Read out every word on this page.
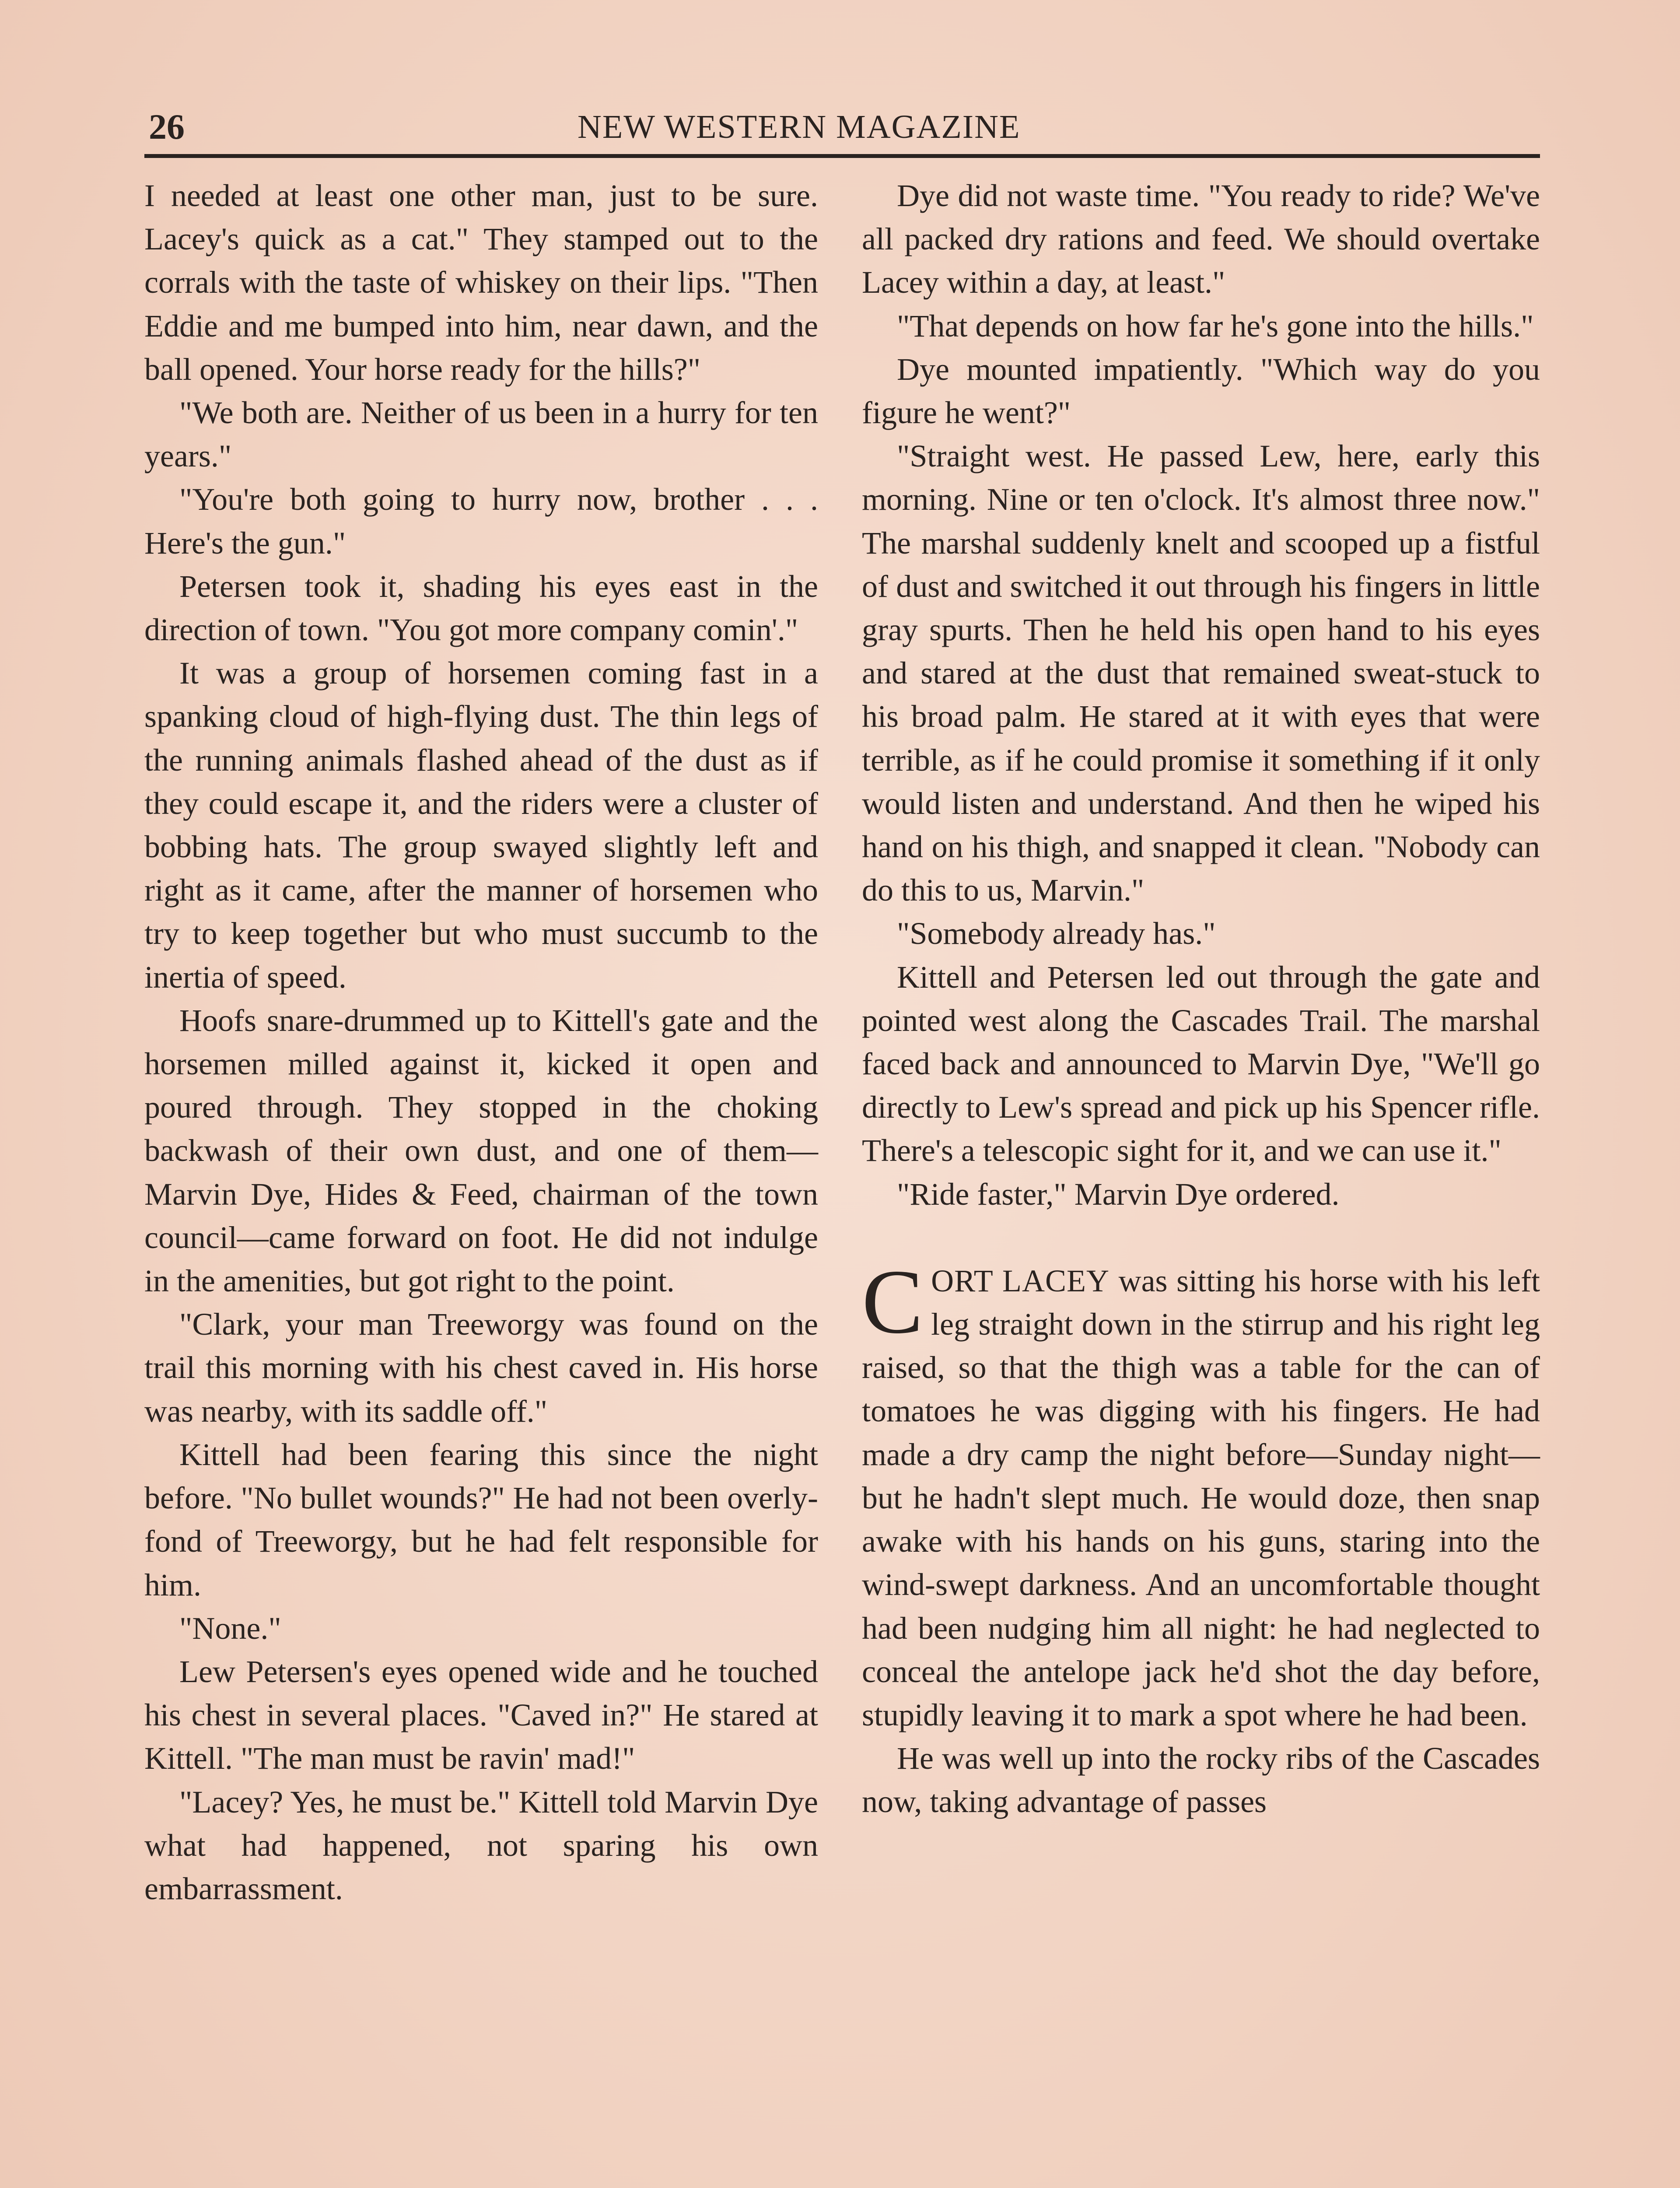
26	NEW WESTERN MAGAZINE

I needed at least one other man, just to be sure. Lacey's quick as a cat." They stamped out to the corrals with the taste of whiskey on their lips. "Then Eddie and me bumped into him, near dawn, and the ball opened. Your horse ready for the hills?"

"We both are. Neither of us been in a hurry for ten years."

"You're both going to hurry now, brother . . . Here's the gun."

Petersen took it, shading his eyes east in the direction of town. "You got more company comin'."

It was a group of horsemen coming fast in a spanking cloud of high-flying dust. The thin legs of the running animals flashed ahead of the dust as if they could escape it, and the riders were a cluster of bobbing hats. The group swayed slightly left and right as it came, after the manner of horsemen who try to keep together but who must succumb to the inertia of speed.

Hoofs snare-drummed up to Kittell's gate and the horsemen milled against it, kicked it open and poured through. They stopped in the choking backwash of their own dust, and one of them—Marvin Dye, Hides & Feed, chairman of the town council—came forward on foot. He did not indulge in the amenities, but got right to the point.

"Clark, your man Treeworgy was found on the trail this morning with his chest caved in. His horse was nearby, with its saddle off."

Kittell had been fearing this since the night before. "No bullet wounds?" He had not been overly-fond of Treeworgy, but he had felt responsible for him.

"None."

Lew Petersen's eyes opened wide and he touched his chest in several places. "Caved in?" He stared at Kittell. "The man must be ravin' mad!"

"Lacey? Yes, he must be." Kittell told Marvin Dye what had happened, not sparing his own embarrassment.

Dye did not waste time. "You ready to ride? We've all packed dry rations and feed. We should overtake Lacey within a day, at least."

"That depends on how far he's gone into the hills."

Dye mounted impatiently. "Which way do you figure he went?"

"Straight west. He passed Lew, here, early this morning. Nine or ten o'clock. It's almost three now." The marshal suddenly knelt and scooped up a fistful of dust and switched it out through his fingers in little gray spurts. Then he held his open hand to his eyes and stared at the dust that remained sweat-stuck to his broad palm. He stared at it with eyes that were terrible, as if he could promise it something if it only would listen and understand. And then he wiped his hand on his thigh, and snapped it clean. "Nobody can do this to us, Marvin."

"Somebody already has."

Kittell and Petersen led out through the gate and pointed west along the Cascades Trail. The marshal faced back and announced to Marvin Dye, "We'll go directly to Lew's spread and pick up his Spencer rifle. There's a telescopic sight for it, and we can use it."

"Ride faster," Marvin Dye ordered.

CORT LACEY was sitting his horse with his left leg straight down in the stirrup and his right leg raised, so that the thigh was a table for the can of tomatoes he was digging with his fingers. He had made a dry camp the night before—Sunday night—but he hadn't slept much. He would doze, then snap awake with his hands on his guns, staring into the wind-swept darkness. And an uncomfortable thought had been nudging him all night: he had neglected to conceal the antelope jack he'd shot the day before, stupidly leaving it to mark a spot where he had been.

He was well up into the rocky ribs of the Cascades now, taking advantage of passes
